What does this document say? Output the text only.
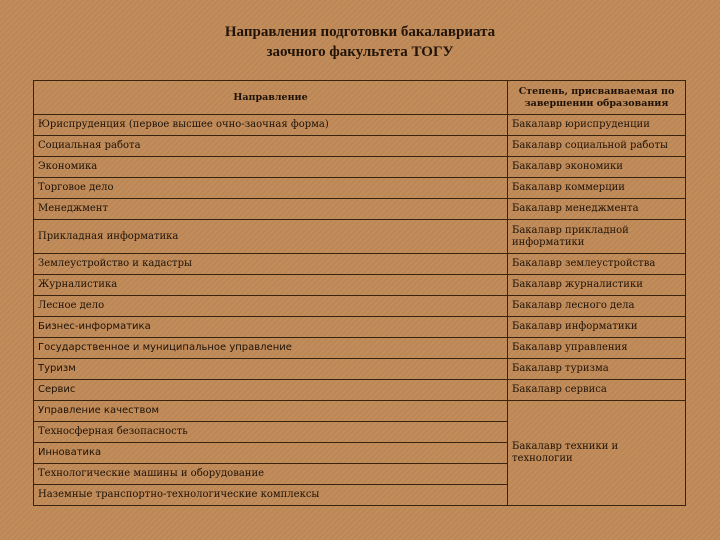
Направления подготовки бакалавриата
заочного факультета ТОГУ
Направление	Степень, присваиваемая по завершении образования
Юриспруденция (первое высшее очно-заочная форма)	Бакалавр юриспруденции
Социальная работа	Бакалавр социальной работы
Экономика	Бакалавр экономики
Торговое дело	Бакалавр коммерции
Менеджмент	Бакалавр менеджмента
Прикладная информатика	Бакалавр прикладной информатики
Землеустройство и кадастры	Бакалавр землеустройства
Журналистика	Бакалавр журналистики
Лесное дело	Бакалавр лесного дела
Бизнес-информатика	Бакалавр информатики
Государственное и муниципальное управление	Бакалавр управления
Туризм	Бакалавр туризма
Сервис	Бакалавр сервиса
Управление качеством	Бакалавр техники и технологии
Техносферная безопасность	
Инноватика	
Технологические машины и оборудование	
Наземные транспортно-технологические комплексы	
